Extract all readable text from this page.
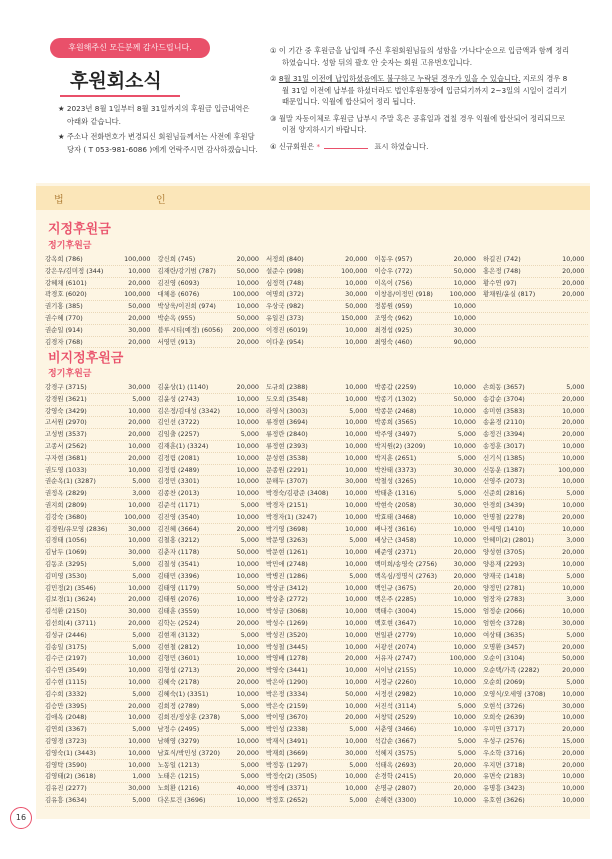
후원해주신 모든분께 감사드립니다.
후원회소식
★ 2023년 8월 1일부터 8월 31일까지의 후원금 입금내역은 아래와 같습니다.
★ 주소나 전화번호가 변경되신 회원님들께서는 사전에 후원담당자 ( T 053-981-6086 )에게 연락주시면 감사하겠습니다.
① 이 기간 중 후원금을 납입해 주신 후원회원님들의 성함을 '가나다'순으로 입금액과 함께 정리하였습니다. 성함 뒤의 괄호 안 숫자는 회원 고유번호입니다.
② 8월 31일 이전에 납입하셨음에도 불구하고 누락된 경우가 있을 수 있습니다. 지로의 경우 8월 31일 이전에 납부를 하셨더라도 법인후원통장에 입금되기까지 2~3일의 시일이 걸리기 때문입니다. 익월에 합산되어 정리 됩니다.
③ 월말 자동이체로 후원금 납부시 주말 혹은 공휴일과 겹칠 경우 익월에 합산되어 정리되므로 이점 양지하시기 바랍니다.
④ 신규회원은 *	표시 하였습니다.
법	인
지정후원금
정기후원금
강옥희 (786)	100,000 강신희 (745)	20,000 서정희 (840)	20,000 이동우 (957)	20,000 하길진 (742)	10,000
강은우/김미정 (344)	10,000 김재란/강기범 (787)	50,000 설준수 (998)	100,000 이승우 (772)	50,000 홍은정 (748)	20,000
강혜채 (6101)	20,000 김진영 (6093)	10,000 심정혁 (748)	10,000 이옥이 (756)	10,000 황수연 (97)	20,000
곽경호 (6020)	100,000 대체용 (6076)	100,000 여명희 (372)	30,000 이창용/이정민 (918)	100,000 황채원/윤실 (817)	20,000
권기홍 (385)	50,000 박상욱/이진희 (974)	10,000 우상국 (982)	50,000 정봉원 (959)	10,000
권수혜 (770)	20,000 박순옥 (955)	50,000 유일진 (373)	150,000 조영숙 (962)	10,000
권순일 (914)	30,000 블루시티(예정) (6056) 200,000 이경진 (6019)	10,000 최경섭 (925)	30,000
김경자 (768)	20,000 서영민 (913)	20,000 이다운 (954)	10,000 최영숙 (460)	90,000
비지정후원금
정기후원금
강경구 (3715)	30,000 김윤상(1) (1140)	20,000 도규희 (2388)	10,000 박종갑 (2259)	10,000 손희동 (3657)	5,000
강경원 (3621)	5,000 김윤성 (2743)	10,000 도오희 (3548)	10,000 박종기 (1302)	50,000 송갑순 (3704)	20,000
강영숙 (3429)	10,000 김은정/김대성 (3342)	10,000 라영식 (3003)	5,000 박종문 (2468)	10,000 송미현 (3583)	10,000
고서원 (2970)	20,000 김인선 (3722)	10,000 류경현 (3694)	10,000 박종희 (3565)	10,000 송윤경 (2110)	20,000
고성범 (3537)	20,000 김임출 (2257)	5,000 류정란 (2840)	10,000 박주영 (3497)	5,000 송정건 (3394)	20,000
고종서 (2562)	10,000 김재훈(1) (3324)	10,000 류정현 (2393)	10,000 박지원(2) (3209)	10,000 송정훈 (3017)	10,000
구자현 (3681)	20,000 김정림 (2081)	10,000 문성현 (3538)	10,000 박지훈 (2651)	5,000 신기식 (1385)	10,000
권도영 (1033)	10,000 김정림 (2489)	10,000 문종원 (2291)	10,000 박찬태 (3373)	30,000 신동운 (1387)	100,000
권순옥(1) (3287)	5,000 김정민 (3301)	10,000 문해두 (3707)	30,000 박철성 (3265)	10,000 신영주 (2073)	10,000
권정옥 (2829)	3,000 김종찬 (2013)	10,000 박경숙/김광준 (3408)	10,000 박태춘 (1316)	5,000 신준희 (2816)	5,000
권지희 (2809)	10,000 김준석 (1171)	5,000 박경자 (2151)	10,000 박현숙 (2058)	30,000 안경희 (3439)	10,000
김강숙 (3680)	100,000 김진영 (3540)	10,000 박경자(1) (3247)	10,000 박효태 (3468)	10,000 안명철 (2278)	20,000
김경원/유모영 (2836)	30,000 김진혜 (3664)	20,000 박기영 (3698)	10,000 배나정 (3616)	10,000 안세영 (1410)	10,000
김경태 (1056)	10,000 김철홍 (3212)	5,000 박문영 (3263)	5,000 배상근 (3458)	10,000 안혜미(2) (2801)	3,000
김남두 (1069)	30,000 김춘자 (1178)	50,000 박문현 (1261)	10,000 배준영 (2371)	20,000 양성현 (3705)	20,000
김동조 (3295)	5,000 김칠성 (3541)	10,000 박민애 (2748)	10,000 백미희/송영숙 (2756)	30,000 양용재 (2293)	10,000
김미영 (3530)	5,000 김태민 (3396)	10,000 박병진 (1286)	5,000 백옥심/정명식 (2763)	20,000 양재국 (1418)	5,000
김민정(2) (3546)	10,000 김태영 (1179)	50,000 박상균 (3412)	10,000 백인규 (3675)	20,000 양정민 (2781)	10,000
김보경(1) (3624)	20,000 김태원 (2076)	10,000 박상춘 (2772)	10,000 백은주 (2285)	10,000 엄장자 (2783)	3,000
김석환 (2150)	30,000 김태훈 (3559)	10,000 박성금 (3068)	10,000 백태수 (3004)	15,000 엄정순 (2066)	10,000
김선희(4) (3711)	20,000 김학논 (2524)	20,000 박성수 (1269)	10,000 백호현 (3647)	10,000 엄현숙 (3728)	30,000
김성규 (2446)	5,000 김현재 (3132)	5,000 박성진 (3520)	10,000 변일관 (2779)	10,000 여상태 (3635)	5,000
김송일 (3175)	5,000 김현철 (2812)	10,000 박성철 (3445)	10,000 서광선 (2074)	10,000 오명환 (3457)	20,000
김수근 (2197)	10,000 김형민 (3601)	10,000 박영배 (1278)	20,000 서유자 (2747)	100,000 오순이 (3104)	50,000
김수연 (3549)	10,000 김형섭 (2713)	20,000 박영숙 (3441)	10,000 서이남 (2155)	10,000 오순택/가족 (2282)	20,000
김수현 (1115)	10,000 김혜숙 (2178)	20,000 박은아 (1290)	10,000 서정규 (2260)	10,000 오순희 (2069)	5,000
김수희 (3332)	5,000 김혜숙(1) (3351)	10,000 박은정 (3334)	50,000 서정선 (2982)	10,000 오영식/오세영 (3708)	10,000
김승만 (3395)	20,000 김희정 (2789)	5,000 박은숙 (2159)	10,000 서진석 (3114)	5,000 오현석 (3726)	30,000
김애옥 (2048)	10,000 김희진/정상훈 (2378)	5,000 박이영 (3670)	20,000 서창덕 (2529)	10,000 오희숙 (2639)	10,000
김연희 (3367)	5,000 남정수 (2495)	5,000 박인성 (2338)	5,000 서춘영 (3466)	10,000 우미연 (3717)	20,000
김영경 (3723)	10,000 남해영 (3279)	10,000 박재식 (3491)	10,000 석갑순 (3667)	5,000 우성구 (2576)	15,000
김영숙(1) (3443)	10,000 남효식/박민성 (3720)	20,000 박재희 (3669)	30,000 석혜지 (3575)	5,000 우소학 (3716)	20,000
김영탁 (3590)	10,000 노동일 (1213)	5,000 박정동 (1297)	5,000 석태옥 (2693)	20,000 우지면 (3718)	20,000
김영태(2) (3618)	1,000 노태은 (1215)	5,000 박정숙(2) (3505)	10,000 손경학 (2415)	20,000 유면숙 (2183)	10,000
김유진 (2277)	30,000 노희환 (1216)	40,000 박정애 (3371)	10,000 손명규 (2807)	20,000 유명흥 (3423)	10,000
김유흥 (3634)	5,000 다온토건 (3696)	10,000 박정호 (2652)	5,000 손해련 (3300)	10,000 유호현 (3626)	10,000
16
